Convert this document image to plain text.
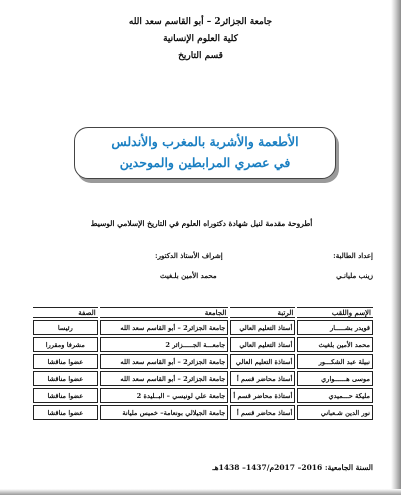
جامعة الجزائر2 – أبو القاسم سعد الله
كلية العلوم الإنسانية
قسم التاريخ
الأطعمة والأشربة بالمغرب والأندلس
في عصري المرابطين والموحدين
أطروحة مقدمة لنيل شهادة دكتوراه العلوم في التاريخ الإسلامي الوسيط
إعداد الطالبة:
إشراف الأستاذ الدكتور:
زينب مليانـي
محمد الأمين بلـغيث
الإسم واللقب	الرتبة	الجامعة	الصفة
قويدر بشـــــار	أستاذ التعليم العالي	جامعة الجزائر2 – أبو القاسم سعد الله	رئيسا
محمد الأمين بلغيث	أستاذ التعليم العالي	جامعـــة الجـــــزائر 2	مشرفا ومقررا
نبيلة عبد الشكـــور	أستاذة التعليم العالي	جامعة الجزائر2 – أبو القاسم سعد الله	عضوا مناقشا
موسى هــــــواري	أستاذ محاضر قسم أ	جامعة الجزائر2 – أبو القاسم سعد الله	عضوا مناقشا
مليكة حـــميدي	أستاذة محاضر قسم أ	جامعة علي لونيسي – البــليدة 2	عضوا مناقشا
نور الدين شـعباني	أستاذ محاضر قسم أ	جامعة الجيلالي بونعامة– خميس مليانة	عضوا مناقشا
السنة الجامعية: 2016– 2017م/1437– 1438هـ
